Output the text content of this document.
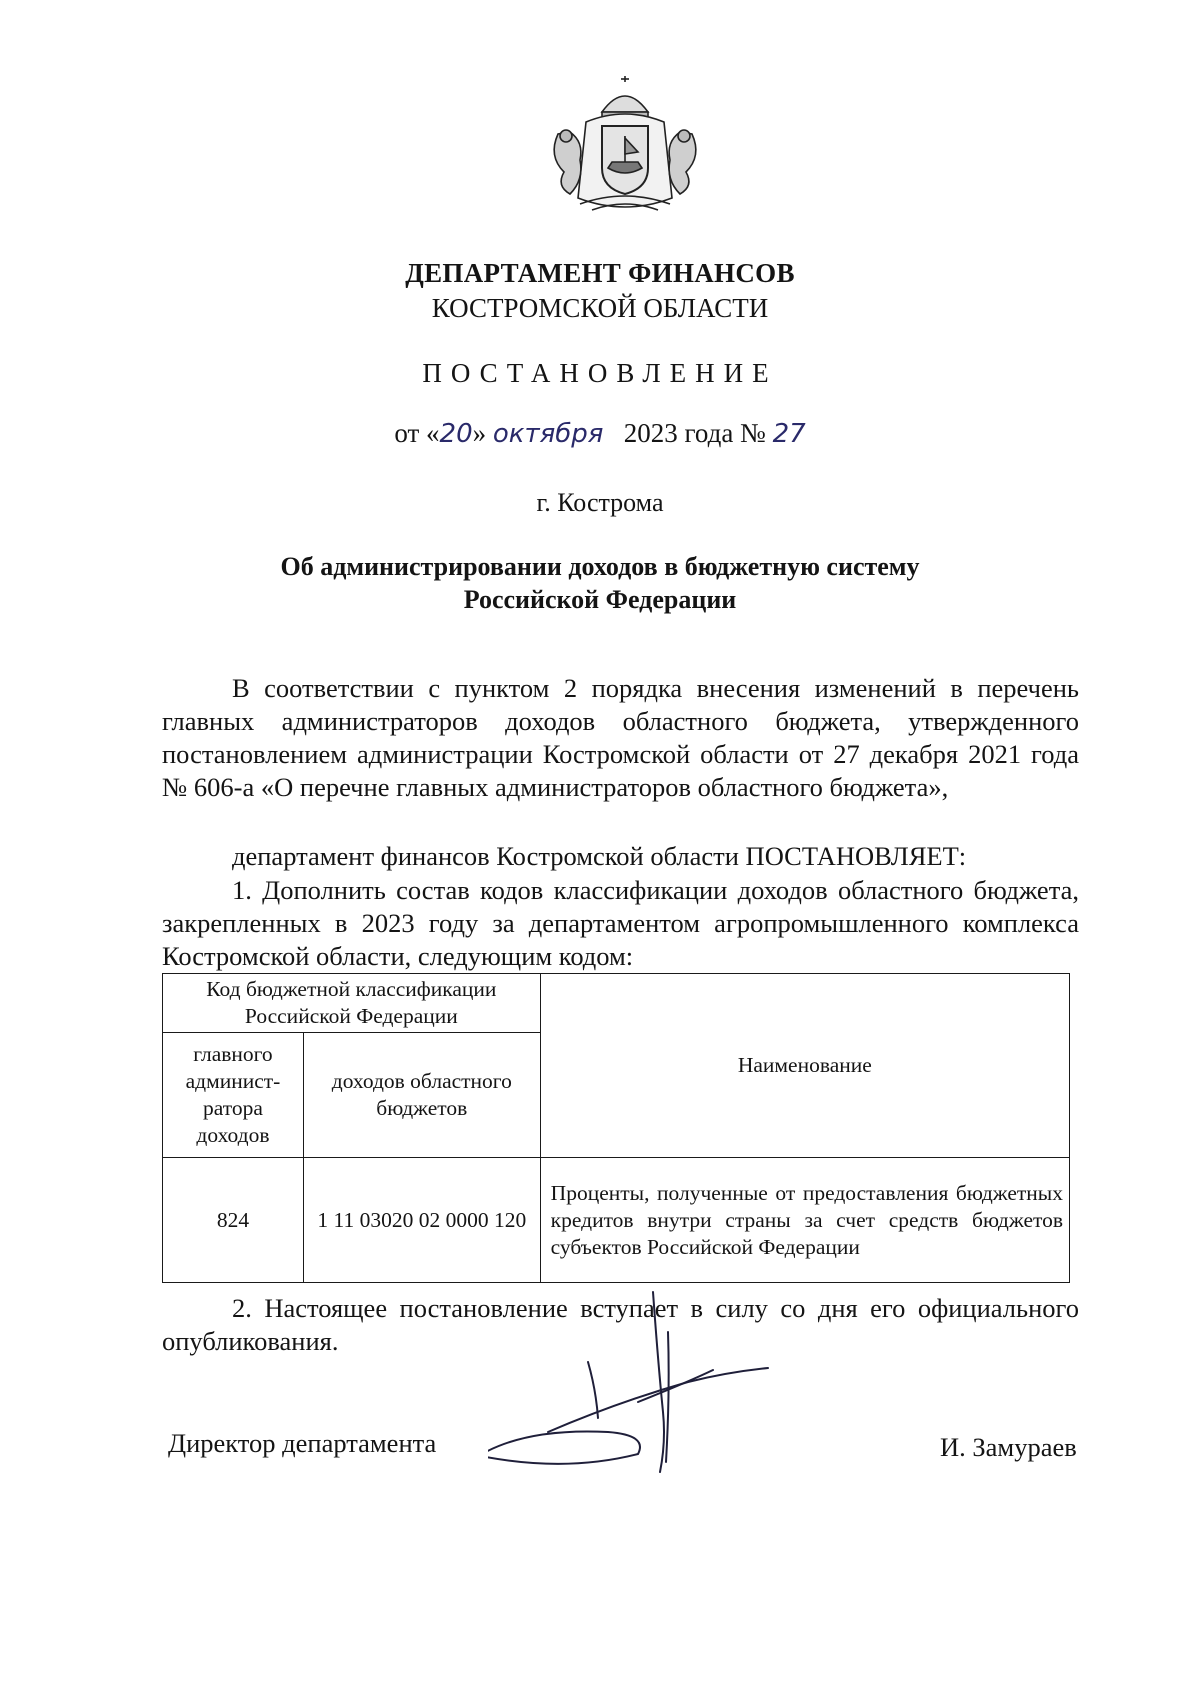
ДЕПАРТАМЕНТ ФИНАНСОВ
КОСТРОМСКОЙ ОБЛАСТИ
ПОСТАНОВЛЕНИЕ
от «20» октября 2023 года № 27
г. Кострома
Об администрировании доходов в бюджетную систему
Российской Федерации
В соответствии с пунктом 2 порядка внесения изменений в перечень главных администраторов доходов областного бюджета, утвержденного постановлением администрации Костромской области от 27 декабря 2021 года № 606-а «О перечне главных администраторов областного бюджета»,
департамент финансов Костромской области ПОСТАНОВЛЯЕТ:
1. Дополнить состав кодов классификации доходов областного бюджета, закрепленных в 2023 году за департаментом агропромышленного комплекса Костромской области, следующим кодом:
Код бюджетной классификации Российской Федерации		Наименование
главного админист-ратора доходов	доходов областного бюджетов	
824	1 11 03020 02 0000 120	Проценты, полученные от предоставления бюджетных кредитов внутри страны за счет средств бюджетов субъектов Российской Федерации
2. Настоящее постановление вступает в силу со дня его официального опубликования.
Директор департамента	И. Замураев
